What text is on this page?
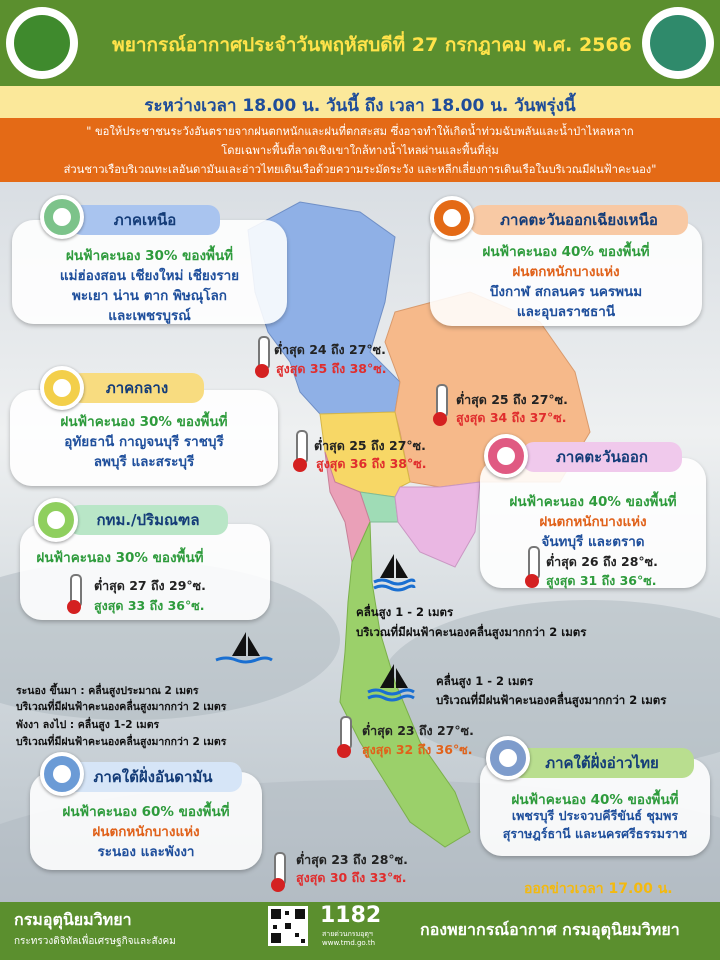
พยากรณ์อากาศประจำวันพฤหัสบดีที่ 27 กรกฎาคม พ.ศ. 2566
ระหว่างเวลา 18.00 น. วันนี้ ถึง เวลา 18.00 น. วันพรุ่งนี้
" ขอให้ประชาชนระวังอันตรายจากฝนตกหนักและฝนที่ตกสะสม ซึ่งอาจทำให้เกิดน้ำท่วมฉับพลันและน้ำป่าไหลหลาก
โดยเฉพาะพื้นที่ลาดเชิงเขาใกล้ทางน้ำไหลผ่านและพื้นที่ลุ่ม
ส่วนชาวเรือบริเวณทะเลอันดามันและอ่าวไทยเดินเรือด้วยความระมัดระวัง และหลีกเลี่ยงการเดินเรือในบริเวณมีฝนฟ้าคะนอง"
ภาคเหนือ
ฝนฟ้าคะนอง 30% ของพื้นที่
แม่ฮ่องสอน เชียงใหม่ เชียงราย
พะเยา น่าน ตาก พิษณุโลก
และเพชรบูรณ์
ต่ำสุด 24 ถึง 27°ซ.
สูงสุด 35 ถึง 38°ซ.
ภาคตะวันออกเฉียงเหนือ
ฝนฟ้าคะนอง 40% ของพื้นที่
ฝนตกหนักบางแห่ง
บึงกาฬ สกลนคร นครพนม
และอุบลราชธานี
ต่ำสุด 25 ถึง 27°ซ.
สูงสุด 34 ถึง 37°ซ.
ภาคกลาง
ฝนฟ้าคะนอง 30% ของพื้นที่
อุทัยธานี กาญจนบุรี ราชบุรี
ลพบุรี และสระบุรี
ต่ำสุด 25 ถึง 27°ซ.
สูงสุด 36 ถึง 38°ซ.	ภาคตะวันออก
ฝนฟ้าคะนอง 40% ของพื้นที่
ฝนตกหนักบางแห่ง
จันทบุรี และตราด
ต่ำสุด 26 ถึง 28°ซ.
สูงสุด 31 ถึง 36°ซ.
กทม./ปริมณฑล
ฝนฟ้าคะนอง 30% ของพื้นที่
ต่ำสุด 27 ถึง 29°ซ.
สูงสุด 33 ถึง 36°ซ.	คลื่นสูง 1 - 2 เมตร
บริเวณที่มีฝนฟ้าคะนองคลื่นสูงมากกว่า 2 เมตร
คลื่นสูง 1 - 2 เมตร
บริเวณที่มีฝนฟ้าคะนองคลื่นสูงมากกว่า 2 เมตร
ระนอง ขึ้นมา : คลื่นสูงประมาณ 2 เมตร
บริเวณที่มีฝนฟ้าคะนองคลื่นสูงมากกว่า 2 เมตร
พังงา ลงไป : คลื่นสูง 1-2 เมตร
บริเวณที่มีฝนฟ้าคะนองคลื่นสูงมากกว่า 2 เมตร
ต่ำสุด 23 ถึง 27°ซ.
สูงสุด 32 ถึง 36°ซ.
ภาคใต้ฝั่งอ่าวไทย
ฝนฟ้าคะนอง 40% ของพื้นที่
เพชรบุรี ประจวบคีรีขันธ์ ชุมพร
สุราษฎร์ธานี และนครศรีธรรมราช
ภาคใต้ฝั่งอันดามัน
ฝนฟ้าคะนอง 60% ของพื้นที่
ฝนตกหนักบางแห่ง
ระนอง และพังงา	ต่ำสุด 23 ถึง 28°ซ.
สูงสุด 30 ถึง 33°ซ.
ออกข่าวเวลา 17.00 น.
กรมอุตุนิยมวิทยา
กระทรวงดิจิทัลเพื่อเศรษฐกิจและสังคม
1182
สายด่วนกรมอุตุฯ
www.tmd.go.th
กองพยากรณ์อากาศ กรมอุตุนิยมวิทยา
